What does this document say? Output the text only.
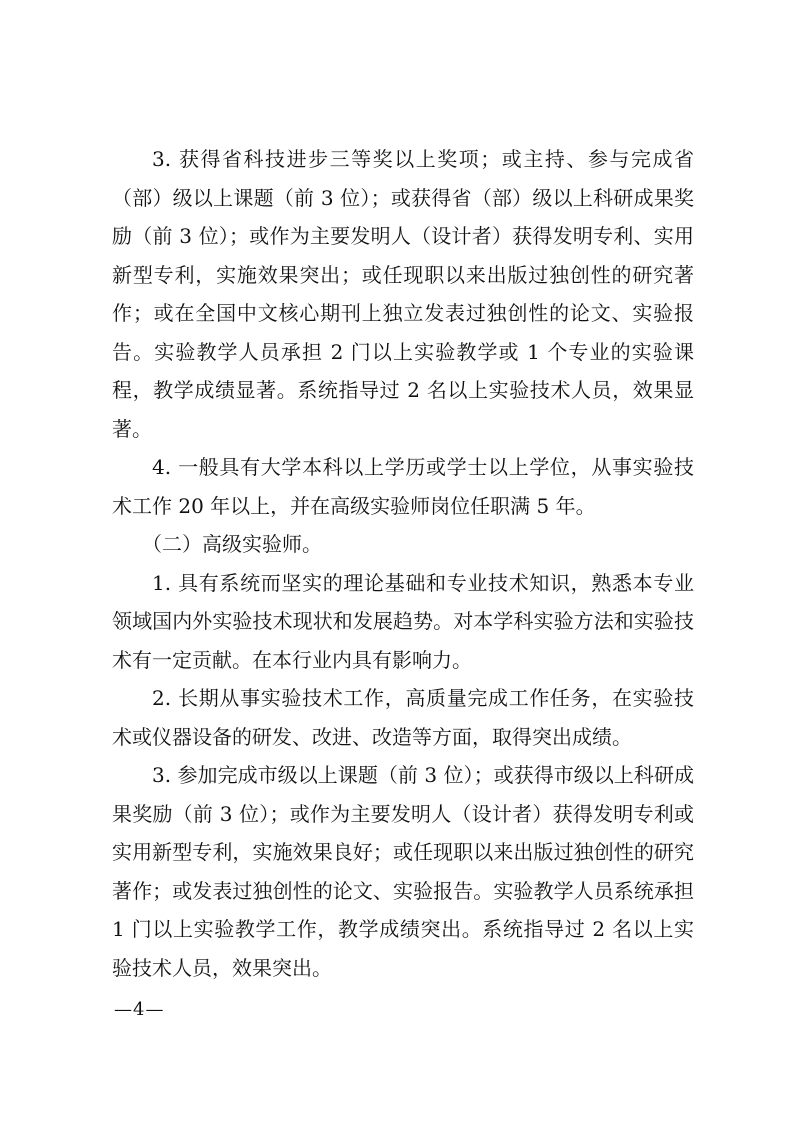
3. 获得省科技进步三等奖以上奖项；或主持、参与完成省（部）级以上课题（前 3 位）；或获得省（部）级以上科研成果奖励（前 3 位）；或作为主要发明人（设计者）获得发明专利、实用新型专利，实施效果突出；或任现职以来出版过独创性的研究著作；或在全国中文核心期刊上独立发表过独创性的论文、实验报告。实验教学人员承担 2 门以上实验教学或 1 个专业的实验课程，教学成绩显著。系统指导过 2 名以上实验技术人员，效果显著。

4. 一般具有大学本科以上学历或学士以上学位，从事实验技术工作 20 年以上，并在高级实验师岗位任职满 5 年。

（二）高级实验师。

1. 具有系统而坚实的理论基础和专业技术知识，熟悉本专业领域国内外实验技术现状和发展趋势。对本学科实验方法和实验技术有一定贡献。在本行业内具有影响力。

2. 长期从事实验技术工作，高质量完成工作任务，在实验技术或仪器设备的研发、改进、改造等方面，取得突出成绩。

3. 参加完成市级以上课题（前 3 位）；或获得市级以上科研成果奖励（前 3 位）；或作为主要发明人（设计者）获得发明专利或实用新型专利，实施效果良好；或任现职以来出版过独创性的研究著作；或发表过独创性的论文、实验报告。实验教学人员系统承担 1 门以上实验教学工作，教学成绩突出。系统指导过 2 名以上实验技术人员，效果突出。

—4—
